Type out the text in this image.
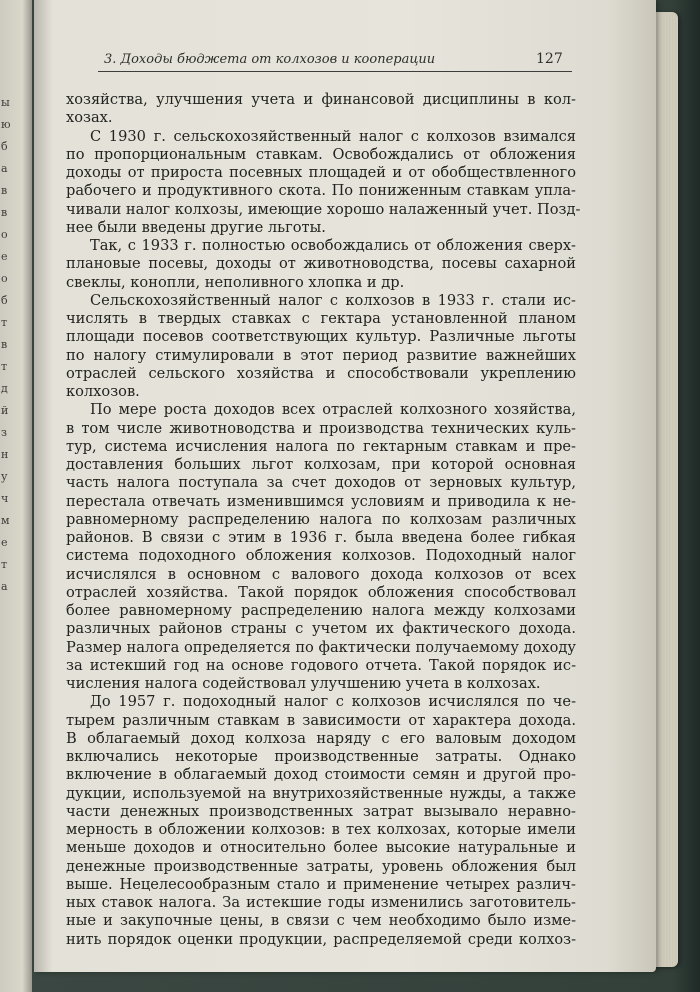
ы
ю
б
а
в
в
о
е
о
б
т
в
т
д
й
з
н
у
ч
м
е
т
а
3. Доходы бюджета от колхозов и кооперации	127
хозяйства, улучшения учета и финансовой дисциплины в кол-
хозах.
С 1930 г. сельскохозяйственный налог с колхозов взимался
по пропорциональным ставкам. Освобождались от обложения
доходы от прироста посевных площадей и от обобществленного
рабочего и продуктивного скота. По пониженным ставкам упла-
чивали налог колхозы, имеющие хорошо налаженный учет. Позд-
нее были введены другие льготы.
Так, с 1933 г. полностью освобождались от обложения сверх-
плановые посевы, доходы от животноводства, посевы сахарной
свеклы, конопли, неполивного хлопка и др.
Сельскохозяйственный налог с колхозов в 1933 г. стали ис-
числять в твердых ставках с гектара установленной планом
площади посевов соответствующих культур. Различные льготы
по налогу стимулировали в этот период развитие важнейших
отраслей сельского хозяйства и способствовали укреплению
колхозов.
По мере роста доходов всех отраслей колхозного хозяйства,
в том числе животноводства и производства технических куль-
тур, система исчисления налога по гектарным ставкам и пре-
доставления больших льгот колхозам, при которой основная
часть налога поступала за счет доходов от зерновых культур,
перестала отвечать изменившимся условиям и приводила к не-
равномерному распределению налога по колхозам различных
районов. В связи с этим в 1936 г. была введена более гибкая
система подоходного обложения колхозов. Подоходный налог
исчислялся в основном с валового дохода колхозов от всех
отраслей хозяйства. Такой порядок обложения способствовал
более равномерному распределению налога между колхозами
различных районов страны с учетом их фактического дохода.
Размер налога определяется по фактически получаемому доходу
за истекший год на основе годового отчета. Такой порядок ис-
числения налога содействовал улучшению учета в колхозах.
До 1957 г. подоходный налог с колхозов исчислялся по че-
тырем различным ставкам в зависимости от характера дохода.
В облагаемый доход колхоза наряду с его валовым доходом
включались некоторые производственные затраты. Однако
включение в облагаемый доход стоимости семян и другой про-
дукции, используемой на внутрихозяйственные нужды, а также
части денежных производственных затрат вызывало неравно-
мерность в обложении колхозов: в тех колхозах, которые имели
меньше доходов и относительно более высокие натуральные и
денежные производственные затраты, уровень обложения был
выше. Нецелесообразным стало и применение четырех различ-
ных ставок налога. За истекшие годы изменились заготовитель-
ные и закупочные цены, в связи с чем необходимо было изме-
нить порядок оценки продукции, распределяемой среди колхоз-
